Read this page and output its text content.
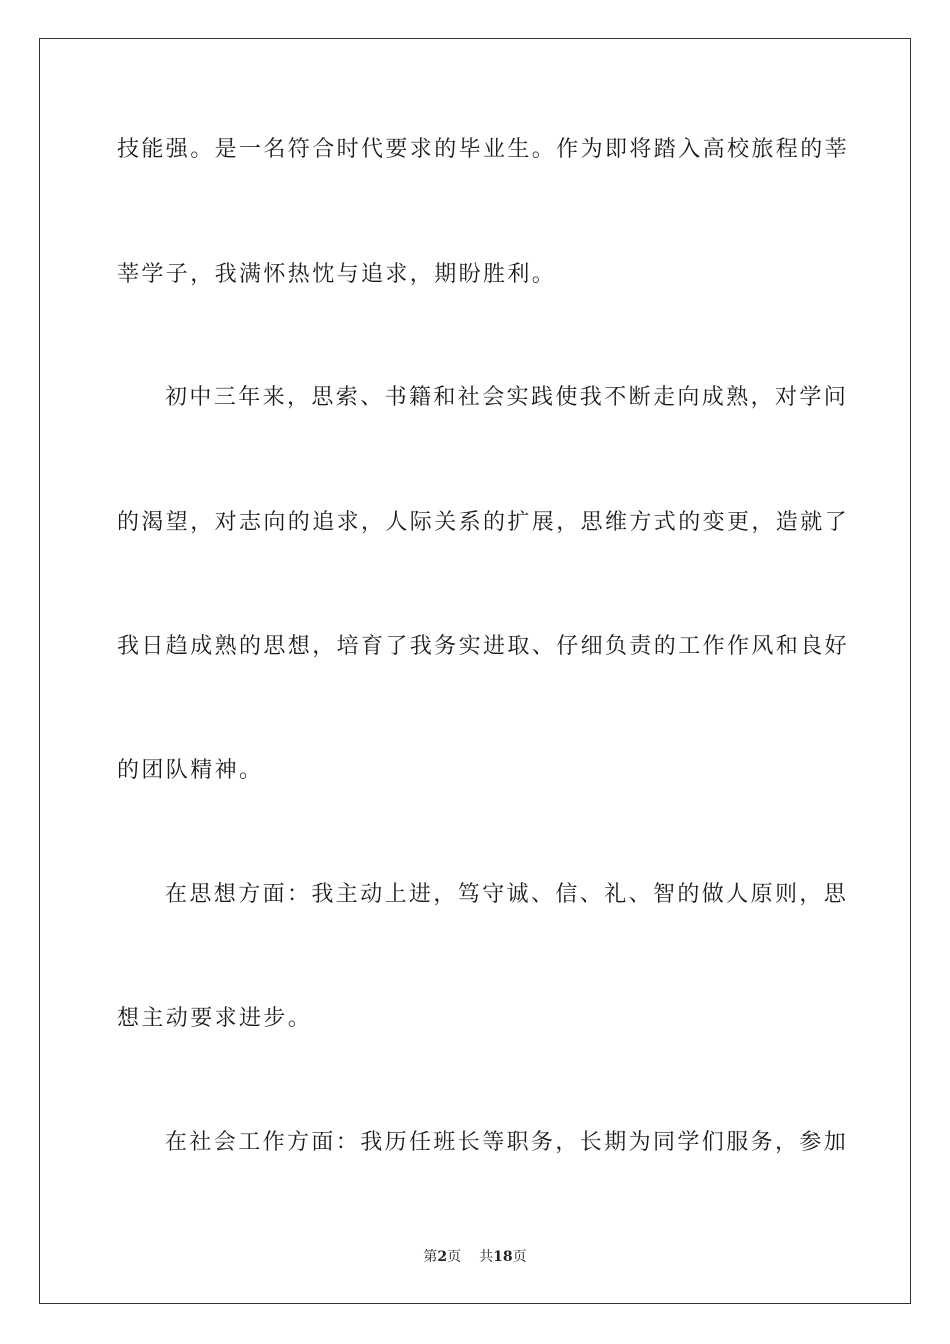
技能强。是一名符合时代要求的毕业生。作为即将踏入高校旅程的莘
莘学子，我满怀热忱与追求，期盼胜利。
初中三年来，思索、书籍和社会实践使我不断走向成熟，对学问
的渴望，对志向的追求，人际关系的扩展，思维方式的变更，造就了
我日趋成熟的思想，培育了我务实进取、仔细负责的工作作风和良好
的团队精神。
在思想方面：我主动上进，笃守诚、信、礼、智的做人原则，思
想主动要求进步。
在社会工作方面：我历任班长等职务，长期为同学们服务，参加
第2页 共18页
